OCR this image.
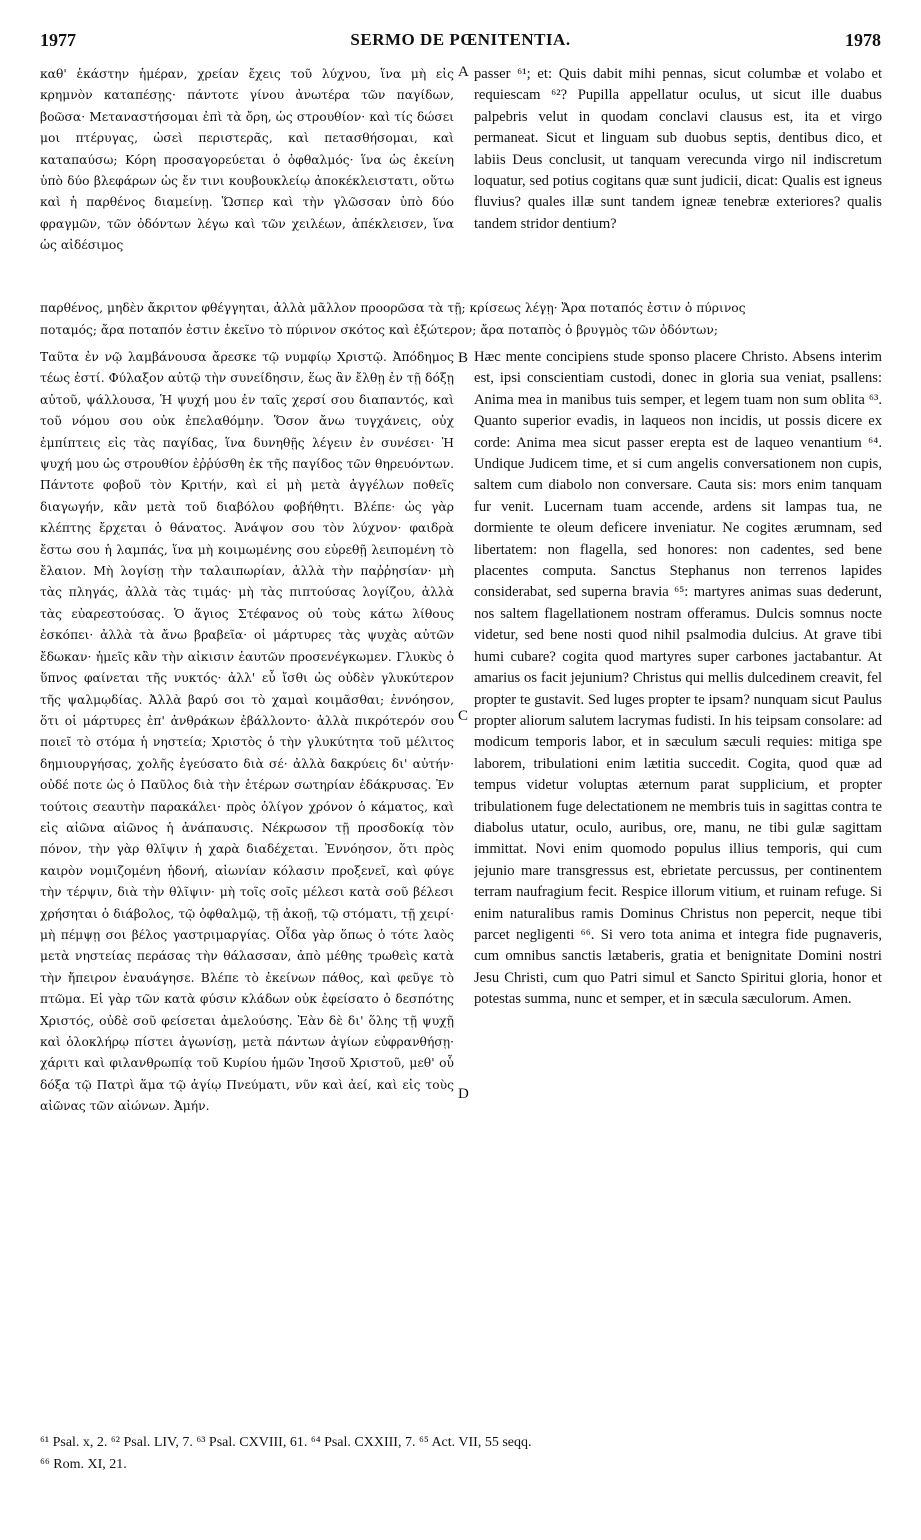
1977	SERMO DE PŒNITENTIA.	1978
καθ' ἑκάστην ἡμέραν, χρείαν ἔχεις τοῦ λύχνου, ἵνα μὴ εἰς κρημνὸν καταπέσῃς· πάντοτε γίνου ἀνωτέρα τῶν παγίδων, βοῶσα· Μεταναστήσομαι ἐπὶ τὰ ὄρη, ὡς στρουθίον· καὶ τίς δώσει μοι πτέρυγας, ὡσεὶ περιστερᾶς, καὶ πετασθήσομαι, καὶ καταπαύσω; Κόρη προσαγορεύεται ὁ ὀφθαλμός· ἵνα ὡς ἐκείνη ὑπὸ δύο βλεφάρων ὡς ἔν τινι κουβουκλείῳ ἀποκέκλειστατι, οὕτω καὶ ἡ παρθένος διαμείνῃ. Ὥσπερ καὶ τὴν γλῶσσαν ὑπὸ δύο φραγμῶν, τῶν ὀδόντων λέγω καὶ τῶν χειλέων, ἀπέκλεισεν, ἵνα ὡς αἰδέσιμος
passer ⁶¹; et: Quis dabit mihi pennas, sicut columbæ et volabo et requiescam ⁶²? Pupilla appellatur oculus, ut sicut ille duabus palpebris velut in quodam conclavi clausus est, ita et virgo permaneat. Sicut et linguam sub duobus septis, dentibus dico, et labiis Deus conclusit, ut tanquam verecunda virgo nil indiscretum loquatur, sed potius cogitans quæ sunt judicii, dicat: Qualis est igneus fluvius? quales illæ sunt tandem igneæ tenebræ exteriores? qualis tandem stridor dentium?
παρθένος, μηδὲν ἄκριτον φθέγγηται, ἀλλὰ μᾶλλον προορῶσα τὰ τῇ; κρίσεως λέγῃ· Ἄρα ποταπός ἐστιν ὁ πύρινος
ποταμός; ἄρα ποταπόν ἐστιν ἐκεῖνο τὸ πύρινον σκότος καὶ ἐξώτερον; ἄρα ποταπὸς ὁ βρυγμὸς τῶν ὀδόντων;
Ταῦτα ἐν νῷ λαμβάνουσα ἄρεσκε τῷ νυμφίῳ Χριστῷ. Ἀπόδημος τέως ἐστί. Φύλαξον αὐτῷ τὴν συνείδησιν, ἕως ἂν ἔλθῃ ἐν τῇ δόξῃ αὐτοῦ, ψάλλουσα, Ἡ ψυχή μου ἐν ταῖς χερσί σου διαπαντός, καὶ τοῦ νόμου σου οὐκ ἐπελαθόμην. Ὅσον ἄνω τυγχάνεις, οὐχ ἐμπίπτεις εἰς τὰς παγίδας, ἵνα δυνηθῇς λέγειν ἐν συνέσει· Ἡ ψυχή μου ὡς στρουθίον ἐῤῥύσθη ἐκ τῆς παγίδος τῶν θηρευόντων. Πάντοτε φοβοῦ τὸν Κριτήν, καὶ εἰ μὴ μετὰ ἀγγέλων ποθεῖς διαγωγήν, κἂν μετὰ τοῦ διαβόλου φοβήθητι. Βλέπε· ὡς γὰρ κλέπτης ἔρχεται ὁ θάνατος. Ἀνάψον σου τὸν λύχνον· φαιδρὰ ἔστω σου ἡ λαμπάς, ἵνα μὴ κοιμωμένης σου εὑρεθῇ λειπομένη τὸ ἔλαιον. Μὴ λογίσῃ τὴν ταλαιπωρίαν, ἀλλὰ τὴν παῤῥησίαν· μὴ τὰς πληγάς, ἀλλὰ τὰς τιμάς· μὴ τὰς πιπτούσας λογίζου, ἀλλὰ τὰς εὐαρεστούσας. Ὁ ἅγιος Στέφανος οὐ τοὺς κάτω λίθους ἐσκόπει· ἀλλὰ τὰ ἄνω βραβεῖα· οἱ μάρτυρες τὰς ψυχὰς αὐτῶν ἔδωκαν· ἡμεῖς κἂν τὴν αἰκισιν ἑαυτῶν προσενέγκωμεν. Γλυκὺς ὁ ὕπνος φαίνεται τῆς νυκτός· ἀλλ' εὖ ἴσθι ὡς οὐδὲν γλυκύτερον τῆς ψαλμῳδίας. Ἀλλὰ βαρύ σοι τὸ χαμαὶ κοιμᾶσθαι; ἐννόησον, ὅτι οἱ μάρτυρες ἐπ' ἀνθράκων ἐβάλλοντο· ἀλλὰ πικρότερόν σου ποιεῖ τὸ στόμα ἡ νηστεία; Χριστὸς ὁ τὴν γλυκύτητα τοῦ μέλιτος δημιουργήσας, χολῆς ἐγεύσατο διὰ σέ· ἀλλὰ δακρύεις δι' αὐτήν· οὐδέ ποτε ὡς ὁ Παῦλος διὰ τὴν ἑτέρων σωτηρίαν ἐδάκρυσας. Ἐν τούτοις σεαυτὴν παρακάλει· πρὸς ὀλίγον χρόνον ὁ κάματος, καὶ εἰς αἰῶνα αἰῶνος ἡ ἀνάπαυσις. Νέκρωσον τῇ προσδοκίᾳ τὸν πόνον, τὴν γὰρ θλῖψιν ἡ χαρὰ διαδέχεται. Ἐννόησον, ὅτι πρὸς καιρὸν νομιζομένη ἡδονή, αἰωνίαν κόλασιν προξενεῖ, καὶ φύγε τὴν τέρψιν, διὰ τὴν θλῖψιν· μὴ τοῖς σοῖς μέλεσι κατὰ σοῦ βέλεσι χρήσηται ὁ διάβολος, τῷ ὀφθαλμῷ, τῇ ἀκοῇ, τῷ στόματι, τῇ χειρί· μὴ πέμψῃ σοι βέλος γαστριμαργίας. Οἶδα γὰρ ὅπως ὁ τότε λαὸς μετὰ νηστείας περάσας τὴν θάλασσαν, ἀπὸ μέθης τρωθεὶς κατὰ τὴν ἤπειρον ἐναυάγησε. Βλέπε τὸ ἐκείνων πάθος, καὶ φεῦγε τὸ πτῶμα. Εἰ γὰρ τῶν κατὰ φύσιν κλάδων οὐκ ἐφείσατο ὁ δεσπότης Χριστός, οὐδὲ σοῦ φείσεται ἀμελούσης. Ἐὰν δὲ δι' ὅλης τῇ ψυχῇ καὶ ὁλοκλήρῳ πίστει ἀγωνίσῃ, μετὰ πάντων ἁγίων εὐφρανθήσῃ· χάριτι καὶ φιλανθρωπίᾳ τοῦ Κυρίου ἡμῶν Ἰησοῦ Χριστοῦ, μεθ' οὗ δόξα τῷ Πατρὶ ἅμα τῷ ἁγίῳ Πνεύματι, νῦν καὶ ἀεί, καὶ εἰς τοὺς αἰῶνας τῶν αἰώνων. Ἀμήν.
Hæc mente concipiens stude sponso placere Christo. Absens interim est, ipsi conscientiam custodi, donec in gloria sua veniat, psallens: Anima mea in manibus tuis semper, et legem tuam non sum oblita ⁶³. Quanto superior evadis, in laqueos non incidis, ut possis dicere ex corde: Anima mea sicut passer erepta est de laqueo venantium ⁶⁴. Undique Judicem time, et si cum angelis conversationem non cupis, saltem cum diabolo non conversare. Cauta sis: mors enim tanquam fur venit. Lucernam tuam accende, ardens sit lampas tua, ne dormiente te oleum deficere inveniatur. Ne cogites ærumnam, sed libertatem: non flagella, sed honores: non cadentes, sed bene placentes computa. Sanctus Stephanus non terrenos lapides considerabat, sed superna bravia ⁶⁵: martyres animas suas dederunt, nos saltem flagellationem nostram offeramus. Dulcis somnus noctе videtur, sed bene nosti quod nihil psalmodia dulcius. At grave tibi humi cubare? cogita quod martyres super carbones jactabantur. At amarius os facit jejunium? Christus qui mellis dulcedinem creavit, fel propter te gustavit. Sed luges propter te ipsam? nunquam sicut Paulus propter aliorum salutem lacrymas fudisti. In his teipsam consolare: ad modicum temporis labor, et in sæculum sæculi requies: mitiga spe laborem, tribulationi enim lætitia succedit. Cogita, quod quæ ad tempus videtur voluptas æternum parat supplicium, et propter tribulationem fuge delectationem ne membris tuis in sagittas contra te diabolus utatur, oculo, auribus, ore, manu, ne tibi gulæ sagittam immittat. Novi enim quomodo populus illius temporis, qui cum jejunio mare transgressus est, ebrietate percussus, per continentem terram naufragium fecit. Respice illorum vitium, et ruinam refuge. Si enim naturalibus ramis Dominus Christus non pepercit, neque tibi parcet negligenti ⁶⁶. Si vero tota anima et integra fide pugnaveris, cum omnibus sanctis lætaberis, gratia et benignitate Domini nostri Jesu Christi, cum quo Patri simul et Sancto Spiritui gloria, honor et potestas summa, nunc et semper, et in sæcula sæculorum. Amen.
A
B
C
D
⁶¹ Psal. x, 2. ⁶² Psal. LIV, 7. ⁶³ Psal. CXVIII, 61. ⁶⁴ Psal. CXXIII, 7. ⁶⁵ Act. VII, 55 seqq.
⁶⁶ Rom. XI, 21.
